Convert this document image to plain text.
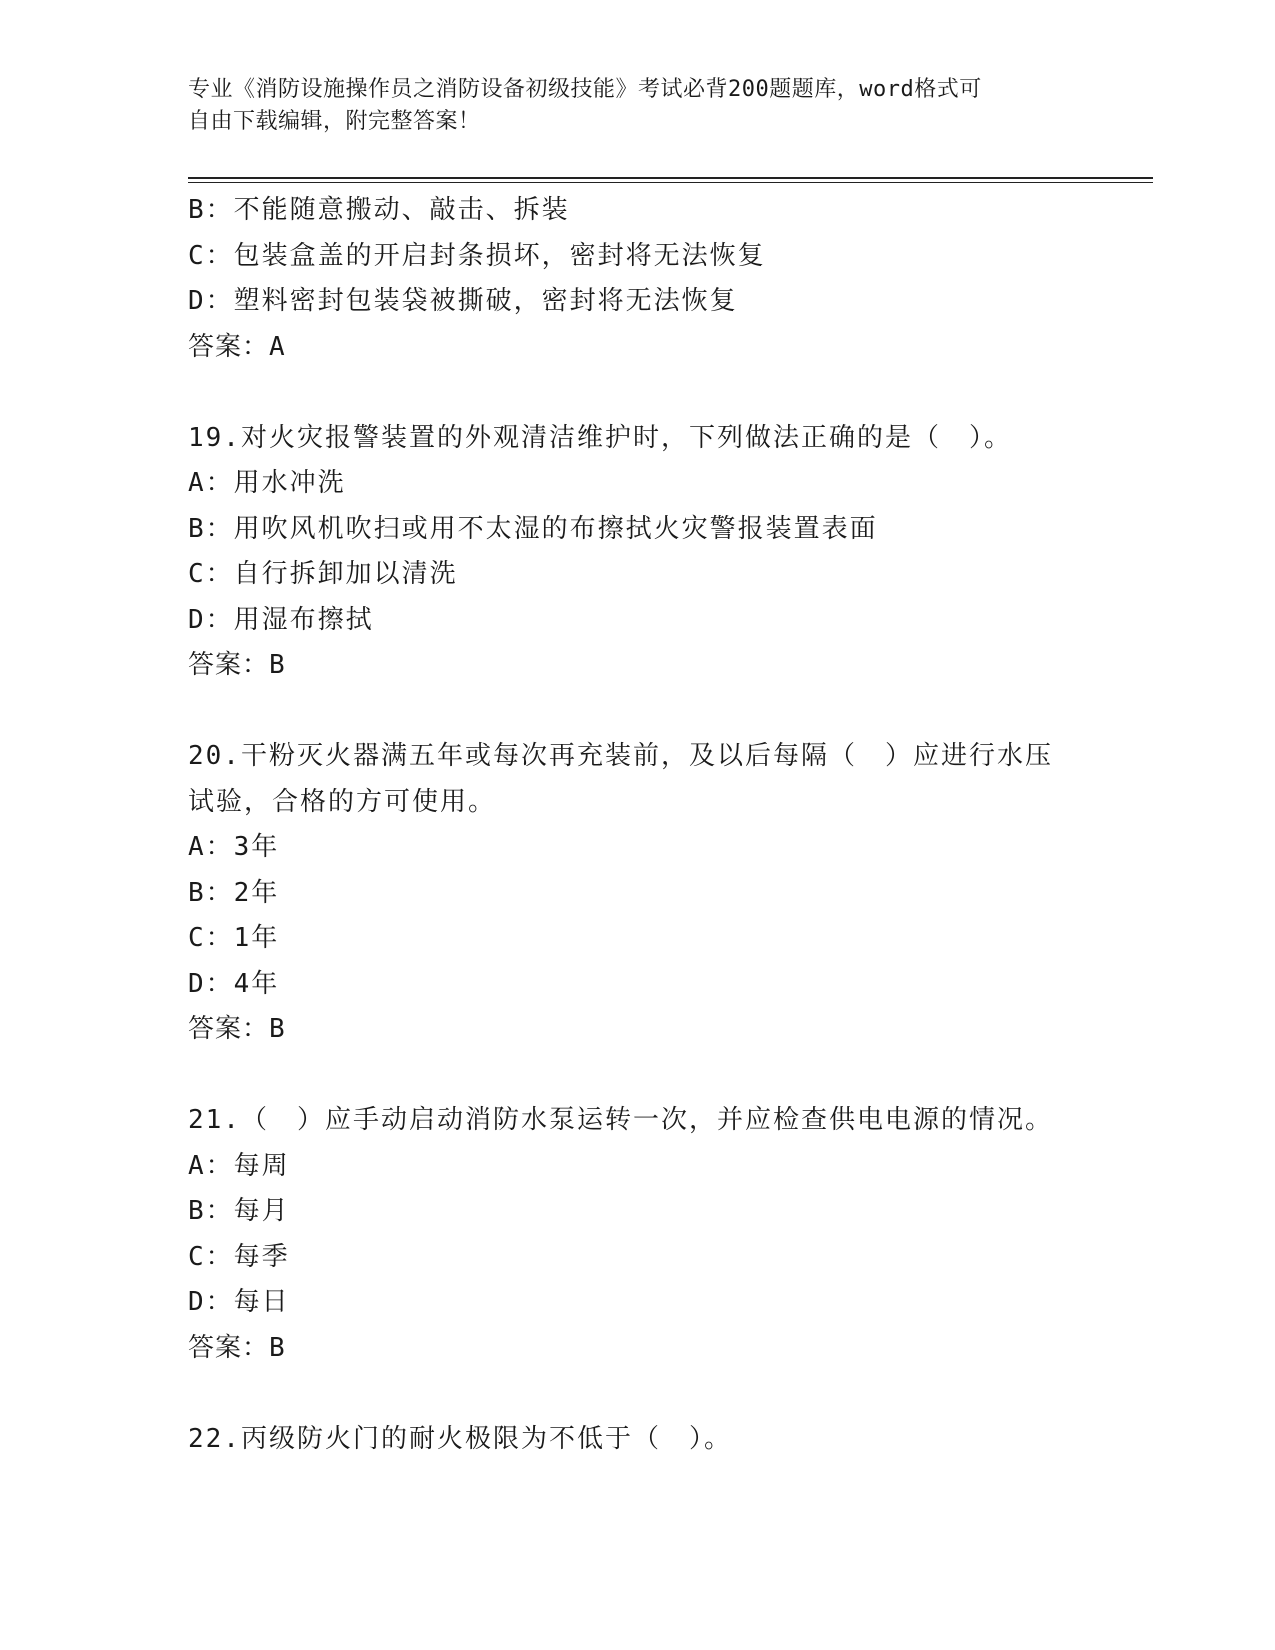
专业《消防设施操作员之消防设备初级技能》考试必背200题题库，word格式可
自由下载编辑，附完整答案！
B：不能随意搬动、敲击、拆装
C：包装盒盖的开启封条损坏，密封将无法恢复
D：塑料密封包装袋被撕破，密封将无法恢复
答案：A
19.对火灾报警装置的外观清洁维护时，下列做法正确的是（　）。
A：用水冲洗
B：用吹风机吹扫或用不太湿的布擦拭火灾警报装置表面
C：自行拆卸加以清洗
D：用湿布擦拭
答案：B
20.干粉灭火器满五年或每次再充装前，及以后每隔（　）应进行水压
试验，合格的方可使用。
A：3年
B：2年
C：1年
D：4年
答案：B
21.（　）应手动启动消防水泵运转一次，并应检查供电电源的情况。
A：每周
B：每月
C：每季
D：每日
答案：B
22.丙级防火门的耐火极限为不低于（　）。
